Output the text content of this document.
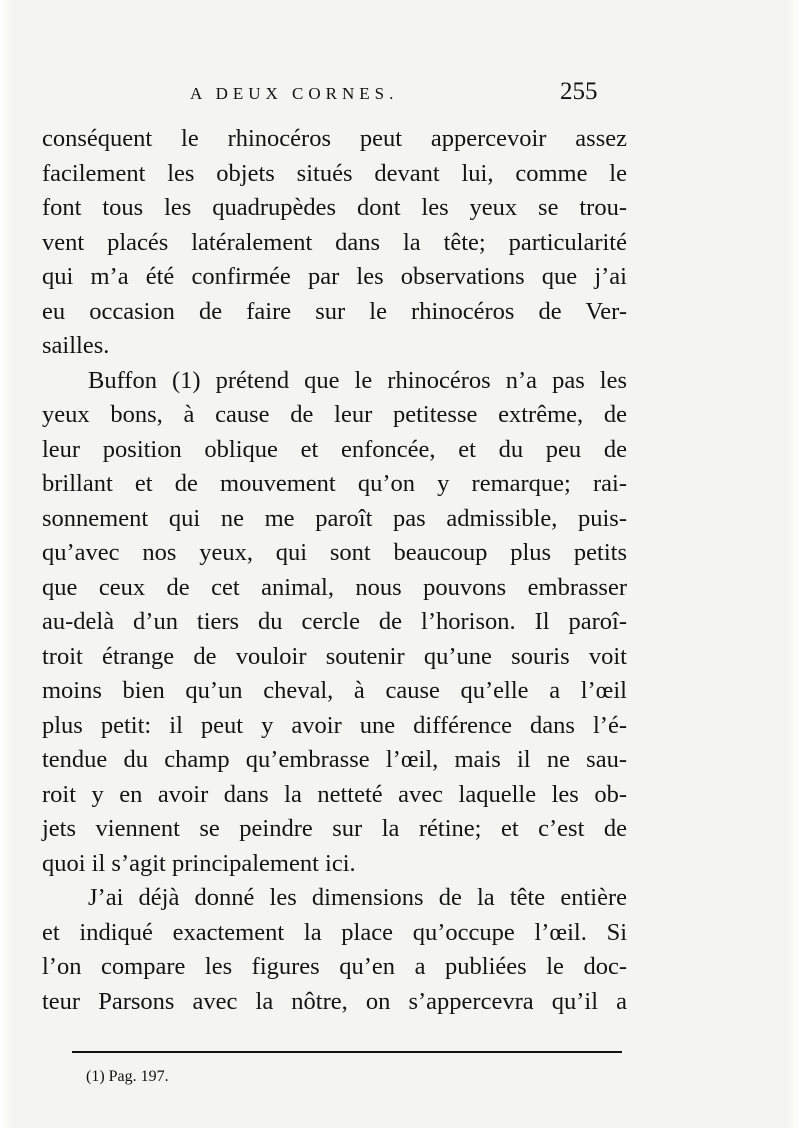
A DEUX CORNES.	255
conséquent le rhinocéros peut appercevoir assez
facilement les objets situés devant lui, comme le
font tous les quadrupèdes dont les yeux se trou-
vent placés latéralement dans la tête; particularité
qui m’a été confirmée par les observations que j’ai
eu occasion de faire sur le rhinocéros de Ver-
sailles.
Buffon (1) prétend que le rhinocéros n’a pas les
yeux bons, à cause de leur petitesse extrême, de
leur position oblique et enfoncée, et du peu de
brillant et de mouvement qu’on y remarque; rai-
sonnement qui ne me paroît pas admissible, puis-
qu’avec nos yeux, qui sont beaucoup plus petits
que ceux de cet animal, nous pouvons embrasser
au-delà d’un tiers du cercle de l’horison. Il paroî-
troit étrange de vouloir soutenir qu’une souris voit
moins bien qu’un cheval, à cause qu’elle a l’œil
plus petit: il peut y avoir une différence dans l’é-
tendue du champ qu’embrasse l’œil, mais il ne sau-
roit y en avoir dans la netteté avec laquelle les ob-
jets viennent se peindre sur la rétine; et c’est de
quoi il s’agit principalement ici.
J’ai déjà donné les dimensions de la tête entière
et indiqué exactement la place qu’occupe l’œil. Si
l’on compare les figures qu’en a publiées le doc-
teur Parsons avec la nôtre, on s’appercevra qu’il a
(1) Pag. 197.
